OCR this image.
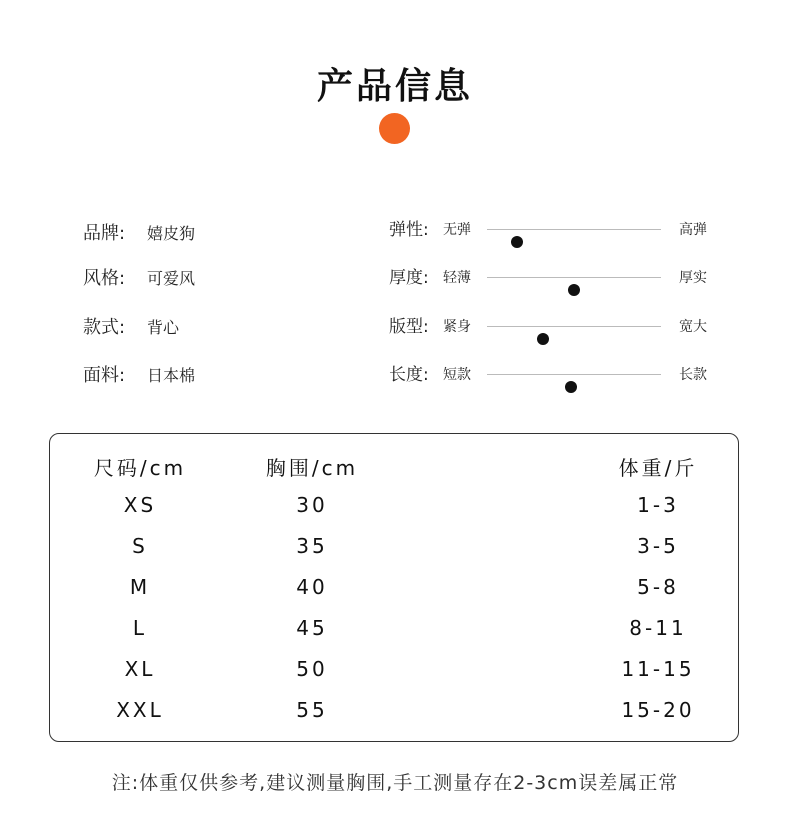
产品信息
品牌:	嬉皮狗
风格:	可爱风
款式:	背心
面料:	日本棉
弹性: 无弹	高弹
厚度: 轻薄	厚实
版型: 紧身	宽大
长度: 短款	长款
尺码/cm	胸围/cm	体重/斤
XS	30	1-3
S	35	3-5
M	40	5-8
L	45	8-11
XL	50	11-15
XXL	55	15-20
注:体重仅供参考,建议测量胸围,手工测量存在2-3cm误差属正常
